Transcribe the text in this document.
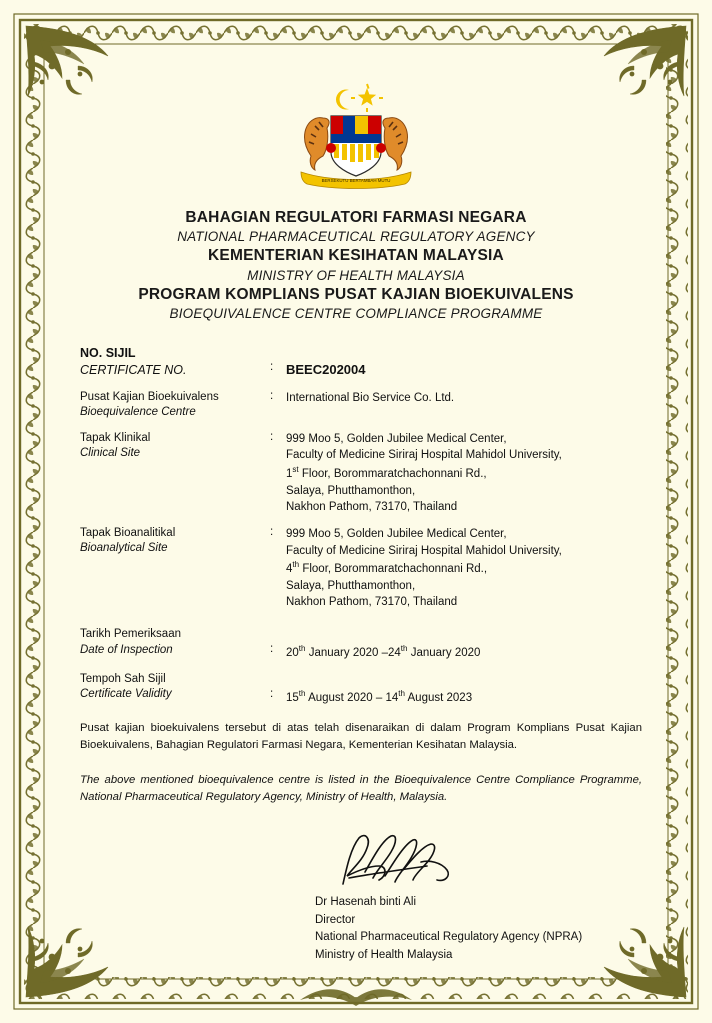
BERSEKUTU BERTAMBAH MUTU
BAHAGIAN REGULATORI FARMASI NEGARA
NATIONAL PHARMACEUTICAL REGULATORY AGENCY
KEMENTERIAN KESIHATAN MALAYSIA
MINISTRY OF HEALTH MALAYSIA
PROGRAM KOMPLIANS PUSAT KAJIAN BIOEKUIVALENS
BIOEQUIVALENCE CENTRE COMPLIANCE PROGRAMME
NO. SIJIL
CERTIFICATE NO.	: BEEC202004
Pusat Kajian Bioekuivalens
Bioequivalence Centre
:	International Bio Service Co. Ltd.
Tapak Klinikal
Clinical Site
:	999 Moo 5, Golden Jubilee Medical Center,
Faculty of Medicine Siriraj Hospital Mahidol University,
1st Floor, Borommaratchachonnani Rd.,
Salaya, Phutthamonthon,
Nakhon Pathom, 73170, Thailand
Tapak Bioanalitikal
Bioanalytical Site
:	999 Moo 5, Golden Jubilee Medical Center,
Faculty of Medicine Siriraj Hospital Mahidol University,
4th Floor, Borommaratchachonnani Rd.,
Salaya, Phutthamonthon,
Nakhon Pathom, 73170, Thailand
Tarikh Pemeriksaan
Date of Inspection	:	20th January 2020 –24th January 2020
Tempoh Sah Sijil
Certificate Validity	:	15th August 2020 – 14th August 2023
Pusat kajian bioekuivalens tersebut di atas telah disenaraikan di dalam Program Komplians Pusat Kajian Bioekuivalens, Bahagian Regulatori Farmasi Negara, Kementerian Kesihatan Malaysia.
The above mentioned bioequivalence centre is listed in the Bioequivalence Centre Compliance Programme, National Pharmaceutical Regulatory Agency, Ministry of Health, Malaysia.
Dr Hasenah binti Ali
Director
National Pharmaceutical Regulatory Agency (NPRA)
Ministry of Health Malaysia
